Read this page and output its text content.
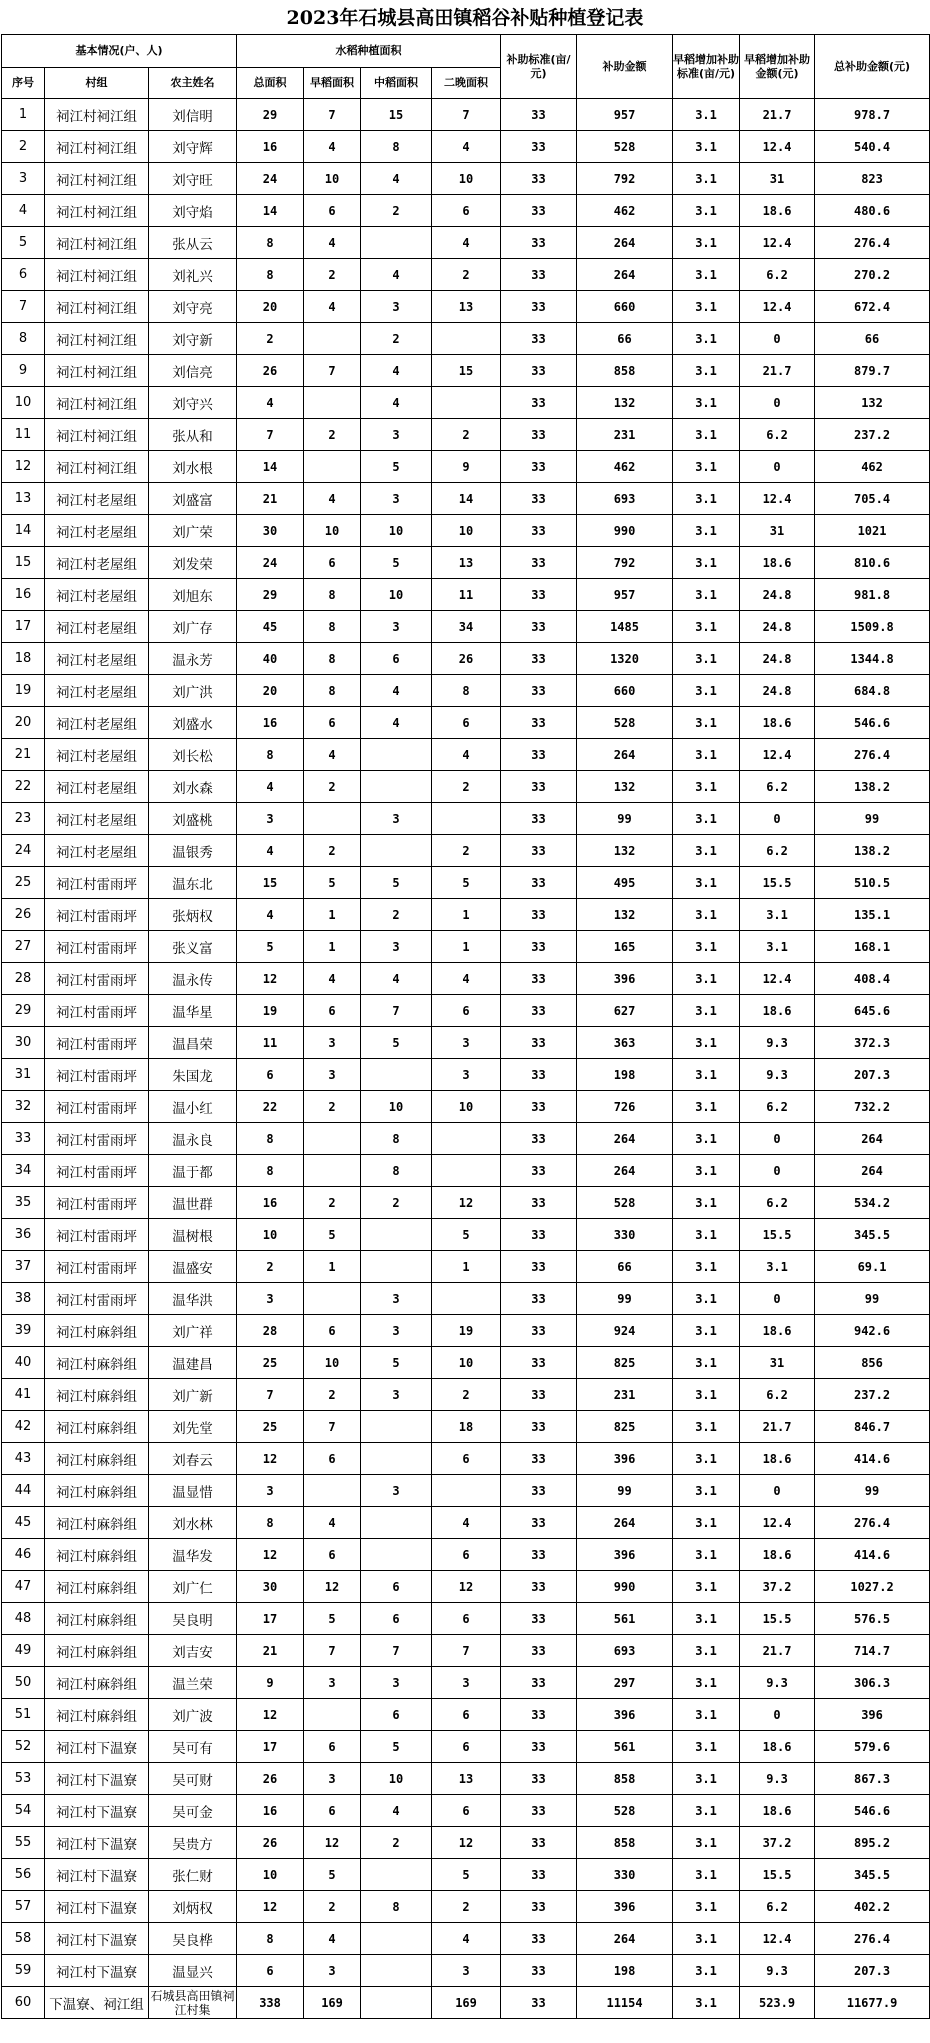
2023年石城县高田镇稻谷补贴种植登记表
基本情况(户、人)			水稻种植面积				补助标准(亩/元)	补助金额	早稻增加补助标准(亩/元)	早稻增加补助金额(元)	总补助金额(元)
序号	村组	农主姓名	总面积	早稻面积	中稻面积	二晚面积					
1	祠江村祠江组	刘信明	29	7	15	7	33	957	3.1	21.7	978.7
2	祠江村祠江组	刘守辉	16	4	8	4	33	528	3.1	12.4	540.4
3	祠江村祠江组	刘守旺	24	10	4	10	33	792	3.1	31	823
4	祠江村祠江组	刘守焰	14	6	2	6	33	462	3.1	18.6	480.6
5	祠江村祠江组	张从云	8	4		4	33	264	3.1	12.4	276.4
6	祠江村祠江组	刘礼兴	8	2	4	2	33	264	3.1	6.2	270.2
7	祠江村祠江组	刘守亮	20	4	3	13	33	660	3.1	12.4	672.4
8	祠江村祠江组	刘守新	2		2		33	66	3.1	0	66
9	祠江村祠江组	刘信亮	26	7	4	15	33	858	3.1	21.7	879.7
10	祠江村祠江组	刘守兴	4		4		33	132	3.1	0	132
11	祠江村祠江组	张从和	7	2	3	2	33	231	3.1	6.2	237.2
12	祠江村祠江组	刘水根	14		5	9	33	462	3.1	0	462
13	祠江村老屋组	刘盛富	21	4	3	14	33	693	3.1	12.4	705.4
14	祠江村老屋组	刘广荣	30	10	10	10	33	990	3.1	31	1021
15	祠江村老屋组	刘发荣	24	6	5	13	33	792	3.1	18.6	810.6
16	祠江村老屋组	刘旭东	29	8	10	11	33	957	3.1	24.8	981.8
17	祠江村老屋组	刘广存	45	8	3	34	33	1485	3.1	24.8	1509.8
18	祠江村老屋组	温永芳	40	8	6	26	33	1320	3.1	24.8	1344.8
19	祠江村老屋组	刘广洪	20	8	4	8	33	660	3.1	24.8	684.8
20	祠江村老屋组	刘盛水	16	6	4	6	33	528	3.1	18.6	546.6
21	祠江村老屋组	刘长松	8	4		4	33	264	3.1	12.4	276.4
22	祠江村老屋组	刘水森	4	2		2	33	132	3.1	6.2	138.2
23	祠江村老屋组	刘盛桃	3		3		33	99	3.1	0	99
24	祠江村老屋组	温银秀	4	2		2	33	132	3.1	6.2	138.2
25	祠江村雷雨坪	温东北	15	5	5	5	33	495	3.1	15.5	510.5
26	祠江村雷雨坪	张炳权	4	1	2	1	33	132	3.1	3.1	135.1
27	祠江村雷雨坪	张义富	5	1	3	1	33	165	3.1	3.1	168.1
28	祠江村雷雨坪	温永传	12	4	4	4	33	396	3.1	12.4	408.4
29	祠江村雷雨坪	温华星	19	6	7	6	33	627	3.1	18.6	645.6
30	祠江村雷雨坪	温昌荣	11	3	5	3	33	363	3.1	9.3	372.3
31	祠江村雷雨坪	朱国龙	6	3		3	33	198	3.1	9.3	207.3
32	祠江村雷雨坪	温小红	22	2	10	10	33	726	3.1	6.2	732.2
33	祠江村雷雨坪	温永良	8		8		33	264	3.1	0	264
34	祠江村雷雨坪	温于都	8		8		33	264	3.1	0	264
35	祠江村雷雨坪	温世群	16	2	2	12	33	528	3.1	6.2	534.2
36	祠江村雷雨坪	温树根	10	5		5	33	330	3.1	15.5	345.5
37	祠江村雷雨坪	温盛安	2	1		1	33	66	3.1	3.1	69.1
38	祠江村雷雨坪	温华洪	3		3		33	99	3.1	0	99
39	祠江村麻斜组	刘广祥	28	6	3	19	33	924	3.1	18.6	942.6
40	祠江村麻斜组	温建昌	25	10	5	10	33	825	3.1	31	856
41	祠江村麻斜组	刘广新	7	2	3	2	33	231	3.1	6.2	237.2
42	祠江村麻斜组	刘先堂	25	7		18	33	825	3.1	21.7	846.7
43	祠江村麻斜组	刘春云	12	6		6	33	396	3.1	18.6	414.6
44	祠江村麻斜组	温显惜	3		3		33	99	3.1	0	99
45	祠江村麻斜组	刘水林	8	4		4	33	264	3.1	12.4	276.4
46	祠江村麻斜组	温华发	12	6		6	33	396	3.1	18.6	414.6
47	祠江村麻斜组	刘广仁	30	12	6	12	33	990	3.1	37.2	1027.2
48	祠江村麻斜组	吴良明	17	5	6	6	33	561	3.1	15.5	576.5
49	祠江村麻斜组	刘吉安	21	7	7	7	33	693	3.1	21.7	714.7
50	祠江村麻斜组	温兰荣	9	3	3	3	33	297	3.1	9.3	306.3
51	祠江村麻斜组	刘广波	12		6	6	33	396	3.1	0	396
52	祠江村下温寮	吴可有	17	6	5	6	33	561	3.1	18.6	579.6
53	祠江村下温寮	吴可财	26	3	10	13	33	858	3.1	9.3	867.3
54	祠江村下温寮	吴可金	16	6	4	6	33	528	3.1	18.6	546.6
55	祠江村下温寮	吴贵方	26	12	2	12	33	858	3.1	37.2	895.2
56	祠江村下温寮	张仁财	10	5		5	33	330	3.1	15.5	345.5
57	祠江村下温寮	刘炳权	12	2	8	2	33	396	3.1	6.2	402.2
58	祠江村下温寮	吴良桦	8	4		4	33	264	3.1	12.4	276.4
59	祠江村下温寮	温显兴	6	3		3	33	198	3.1	9.3	207.3
60	下温寮、祠江组	石城县高田镇祠江村集	338	169		169	33	11154	3.1	523.9	11677.9
